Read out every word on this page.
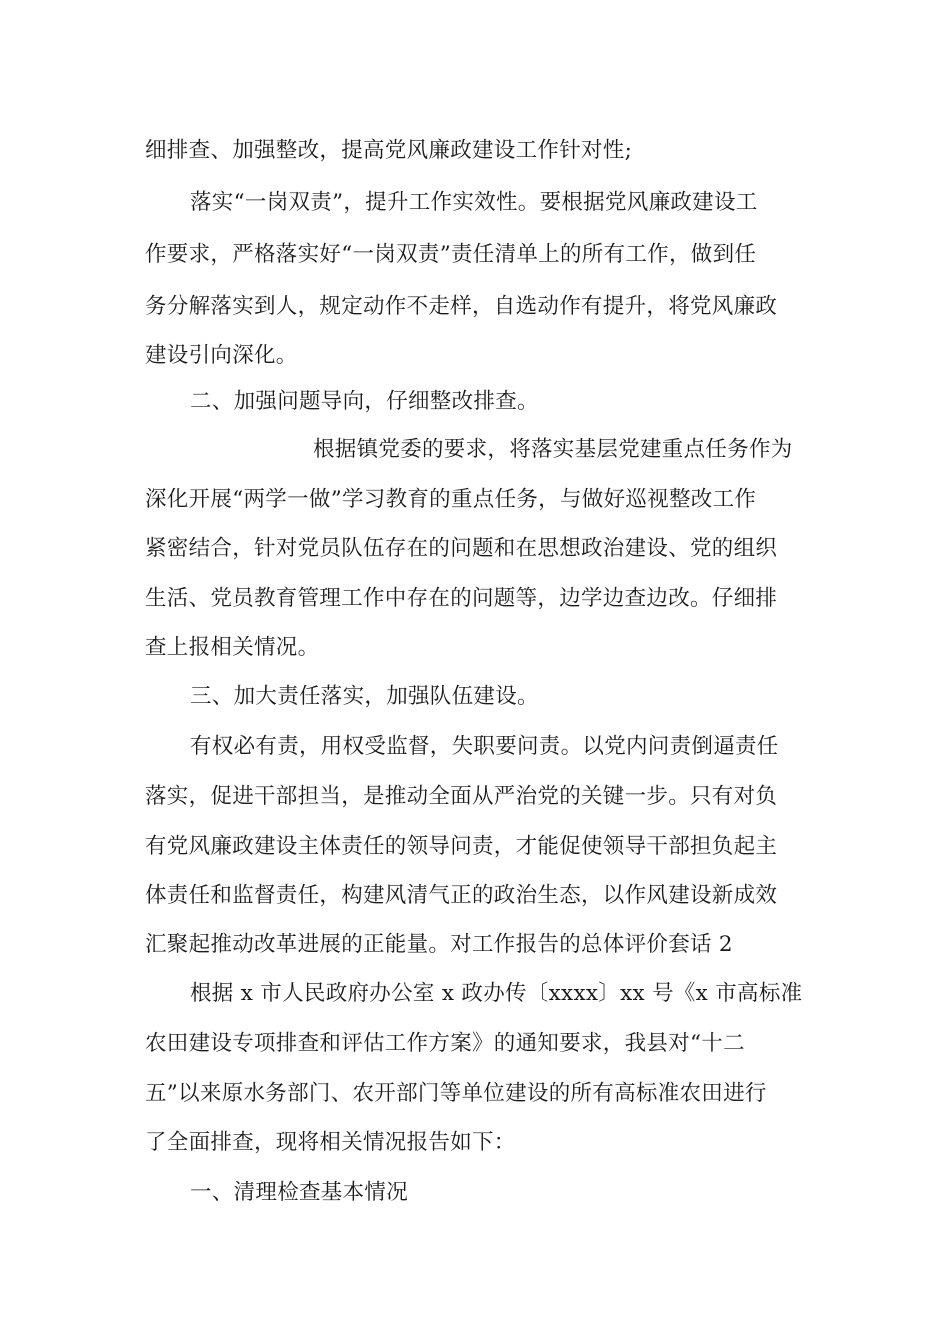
细排查、加强整改，提高党风廉政建设工作针对性;
落实“一岗双责”，提升工作实效性。要根据党风廉政建设工
作要求，严格落实好“一岗双责”责任清单上的所有工作，做到任
务分解落实到人，规定动作不走样，自选动作有提升，将党风廉政
建设引向深化。
二、加强问题导向，仔细整改排查。
根据镇党委的要求，将落实基层党建重点任务作为
深化开展“两学一做”学习教育的重点任务，与做好巡视整改工作
紧密结合，针对党员队伍存在的问题和在思想政治建设、党的组织
生活、党员教育管理工作中存在的问题等，边学边查边改。仔细排
查上报相关情况。
三、加大责任落实，加强队伍建设。
有权必有责，用权受监督，失职要问责。以党内问责倒逼责任
落实，促进干部担当，是推动全面从严治党的关键一步。只有对负
有党风廉政建设主体责任的领导问责，才能促使领导干部担负起主
体责任和监督责任，构建风清气正的政治生态，以作风建设新成效
汇聚起推动改革进展的正能量。对工作报告的总体评价套话 2
根据 x 市人民政府办公室 x 政办传〔xxxx〕xx 号《x 市高标准
农田建设专项排查和评估工作方案》的通知要求，我县对“十二
五”以来原水务部门、农开部门等单位建设的所有高标准农田进行
了全面排查，现将相关情况报告如下：
一、清理检查基本情况
